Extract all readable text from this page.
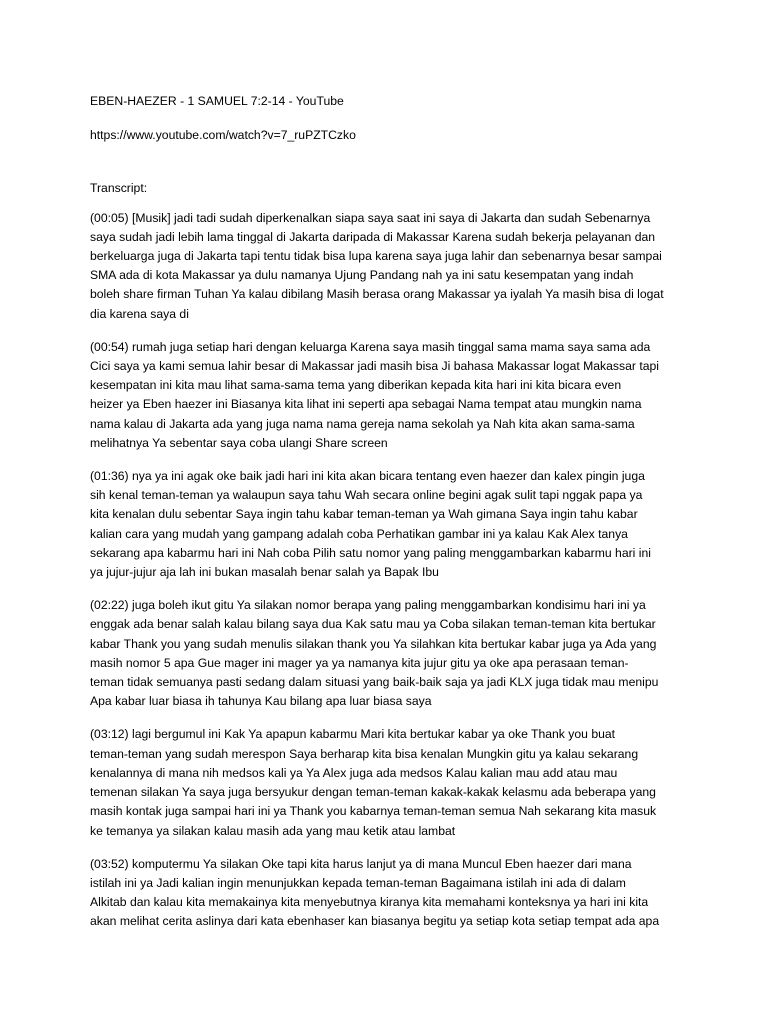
EBEN-HAEZER - 1 SAMUEL 7:2-14 - YouTube

https://www.youtube.com/watch?v=7_ruPZTCzko

Transcript:

(00:05) [Musik] jadi tadi sudah diperkenalkan siapa saya saat ini saya di Jakarta dan sudah Sebenarnya

saya sudah jadi lebih lama tinggal di Jakarta daripada di Makassar Karena sudah bekerja pelayanan dan

berkeluarga juga di Jakarta tapi tentu tidak bisa lupa karena saya juga lahir dan sebenarnya besar sampai

SMA ada di kota Makassar ya dulu namanya Ujung Pandang nah ya ini satu kesempatan yang indah

boleh share firman Tuhan Ya kalau dibilang Masih berasa orang Makassar ya iyalah Ya masih bisa di logat

dia karena saya di

(00:54) rumah juga setiap hari dengan keluarga Karena saya masih tinggal sama mama saya sama ada

Cici saya ya kami semua lahir besar di Makassar jadi masih bisa Ji bahasa Makassar logat Makassar tapi

kesempatan ini kita mau lihat sama-sama tema yang diberikan kepada kita hari ini kita bicara even

heizer ya Eben haezer ini Biasanya kita lihat ini seperti apa sebagai Nama tempat atau mungkin nama

nama kalau di Jakarta ada yang juga nama nama gereja nama sekolah ya Nah kita akan sama-sama

melihatnya Ya sebentar saya coba ulangi Share screen

(01:36) nya ya ini agak oke baik jadi hari ini kita akan bicara tentang even haezer dan kalex pingin juga

sih kenal teman-teman ya walaupun saya tahu Wah secara online begini agak sulit tapi nggak papa ya

kita kenalan dulu sebentar Saya ingin tahu kabar teman-teman ya Wah gimana Saya ingin tahu kabar

kalian cara yang mudah yang gampang adalah coba Perhatikan gambar ini ya kalau Kak Alex tanya

sekarang apa kabarmu hari ini Nah coba Pilih satu nomor yang paling menggambarkan kabarmu hari ini

ya jujur-jujur aja lah ini bukan masalah benar salah ya Bapak Ibu

(02:22) juga boleh ikut gitu Ya silakan nomor berapa yang paling menggambarkan kondisimu hari ini ya

enggak ada benar salah kalau bilang saya dua Kak satu mau ya Coba silakan teman-teman kita bertukar

kabar Thank you yang sudah menulis silakan thank you Ya silahkan kita bertukar kabar juga ya Ada yang

masih nomor 5 apa Gue mager ini mager ya ya namanya kita jujur gitu ya oke apa perasaan teman-

teman tidak semuanya pasti sedang dalam situasi yang baik-baik saja ya jadi KLX juga tidak mau menipu

Apa kabar luar biasa ih tahunya Kau bilang apa luar biasa saya

(03:12) lagi bergumul ini Kak Ya apapun kabarmu Mari kita bertukar kabar ya oke Thank you buat

teman-teman yang sudah merespon Saya berharap kita bisa kenalan Mungkin gitu ya kalau sekarang

kenalannya di mana nih medsos kali ya Ya Alex juga ada medsos Kalau kalian mau add atau mau

temenan silakan Ya saya juga bersyukur dengan teman-teman kakak-kakak kelasmu ada beberapa yang

masih kontak juga sampai hari ini ya Thank you kabarnya teman-teman semua Nah sekarang kita masuk

ke temanya ya silakan kalau masih ada yang mau ketik atau lambat

(03:52) komputermu Ya silakan Oke tapi kita harus lanjut ya di mana Muncul Eben haezer dari mana

istilah ini ya Jadi kalian ingin menunjukkan kepada teman-teman Bagaimana istilah ini ada di dalam

Alkitab dan kalau kita memakainya kita menyebutnya kiranya kita memahami konteksnya ya hari ini kita

akan melihat cerita aslinya dari kata ebenhaser kan biasanya begitu ya setiap kota setiap tempat ada apa
